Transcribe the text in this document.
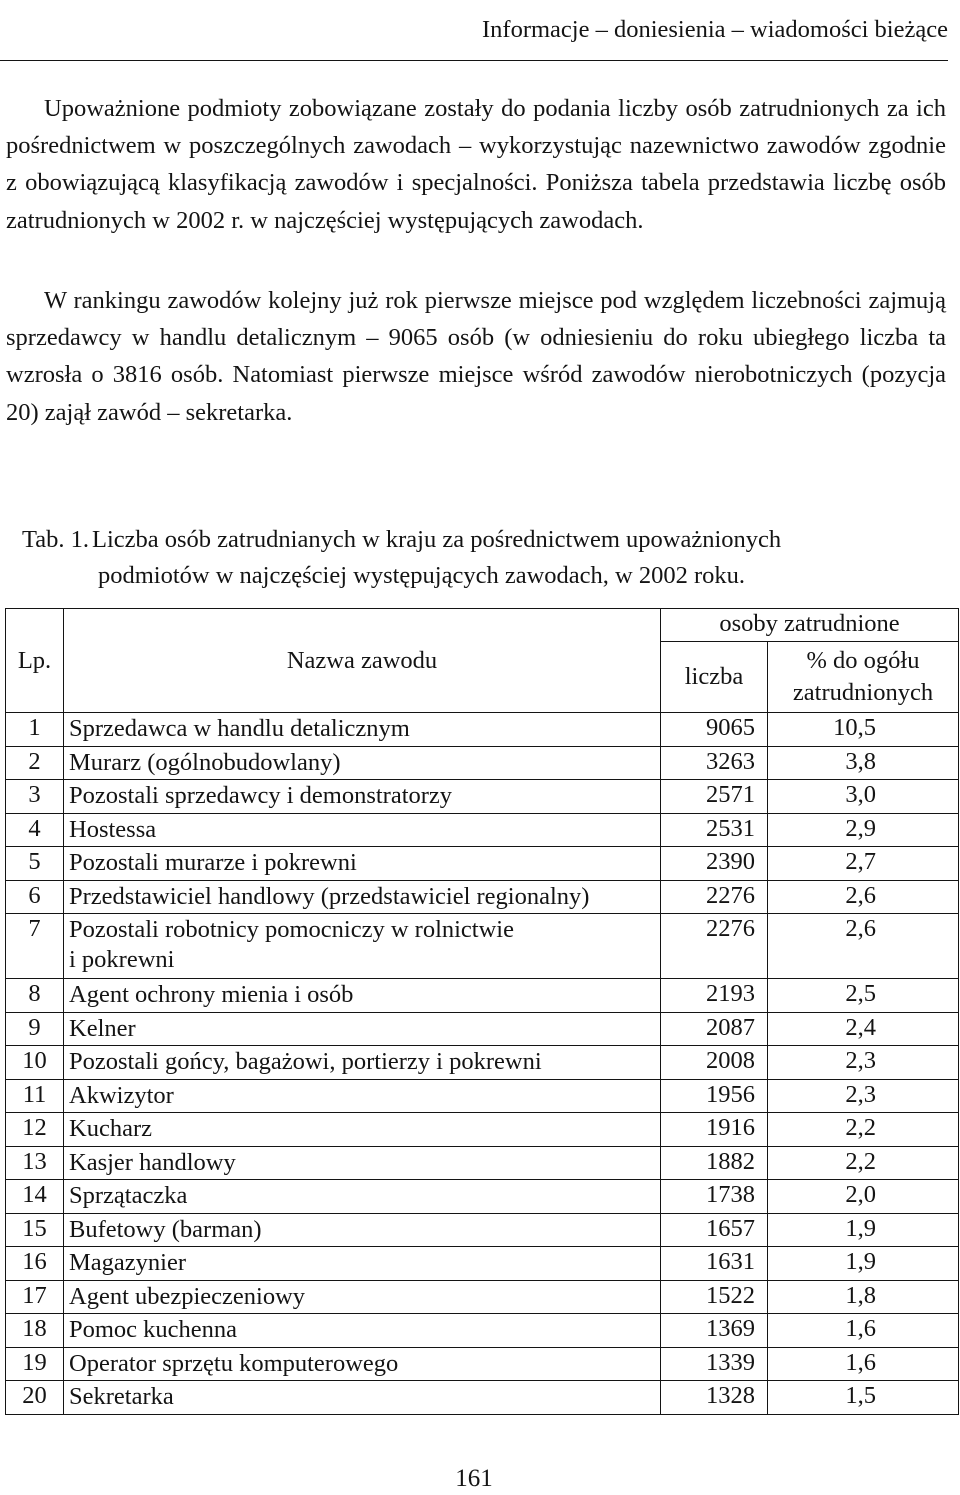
Informacje – doniesienia – wiadomości bieżące

Upoważnione podmioty zobowiązane zostały do podania liczby osób zatrudnionych za ich pośrednictwem w poszczególnych zawodach – wykorzystując nazewnictwo zawodów zgodnie z obowiązującą klasyfikacją zawodów i specjalności. Poniższa tabela przedstawia liczbę osób zatrudnionych w 2002 r. w najczęściej występujących zawodach.

W rankingu zawodów kolejny już rok pierwsze miejsce pod względem liczebności zajmują sprzedawcy w handlu detalicznym – 9065 osób (w odniesieniu do roku ubiegłego liczba ta wzrosła o 3816 osób. Natomiast pierwsze miejsce wśród zawodów nierobotniczych (pozycja 20) zajął zawód – sekretarka.

Tab. 1. Liczba osób zatrudnianych w kraju za pośrednictwem upoważnionych
podmiotów w najczęściej występujących zawodach, w 2002 roku.
Lp.	Nazwa zawodu	osoby zatrudnione	
		liczba	% do ogółu
zatrudnionych
1	Sprzedawca w handlu detalicznym	9065	10,5
2	Murarz (ogólnobudowlany)	3263	3,8
3	Pozostali sprzedawcy i demonstratorzy	2571	3,0
4	Hostessa	2531	2,9
5	Pozostali murarze i pokrewni	2390	2,7
6	Przedstawiciel handlowy (przedstawiciel regionalny)	2276	2,6
7	Pozostali robotnicy pomocniczy w rolnictwie
i pokrewni	2276	2,6
8	Agent ochrony mienia i osób	2193	2,5
9	Kelner	2087	2,4
10	Pozostali gońcy, bagażowi, portierzy i pokrewni	2008	2,3
11	Akwizytor	1956	2,3
12	Kucharz	1916	2,2
13	Kasjer handlowy	1882	2,2
14	Sprzątaczka	1738	2,0
15	Bufetowy (barman)	1657	1,9
16	Magazynier	1631	1,9
17	Agent ubezpieczeniowy	1522	1,8
18	Pomoc kuchenna	1369	1,6
19	Operator sprzętu komputerowego	1339	1,6
20	Sekretarka	1328	1,5
161
